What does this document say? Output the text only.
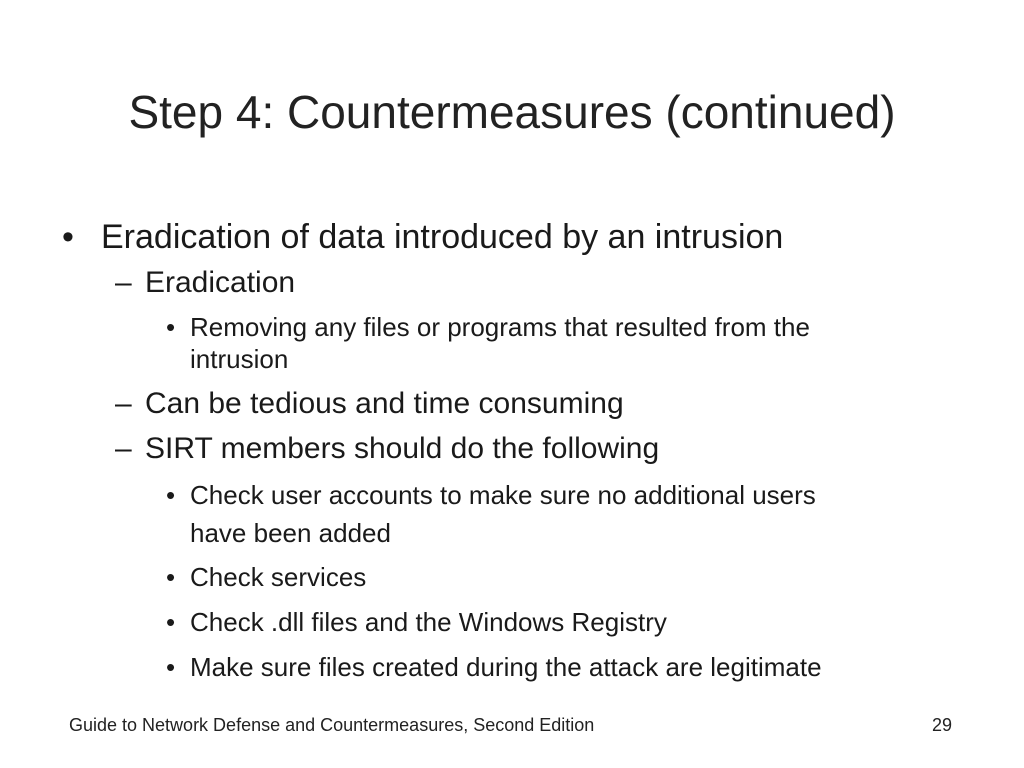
Step 4: Countermeasures (continued)
• Eradication of data introduced by an intrusion
– Eradication
• Removing any files or programs that resulted from the
intrusion
– Can be tedious and time consuming
– SIRT members should do the following
• Check user accounts to make sure no additional users
have been added
• Check services
• Check .dll files and the Windows Registry
• Make sure files created during the attack are legitimate
Guide to Network Defense and Countermeasures, Second Edition	29
